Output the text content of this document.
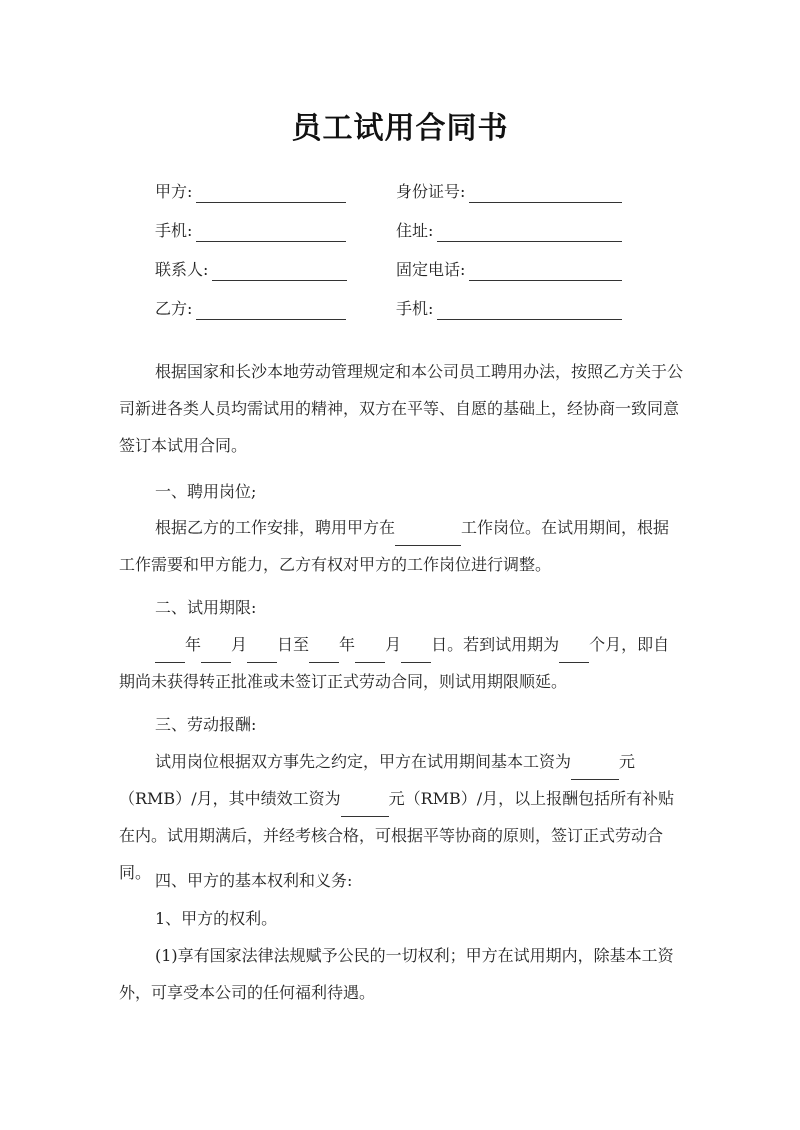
员工试用合同书
甲方:	身份证号:
手机:	住址:
联系人:	固定电话:
乙方:	手机:
根据国家和长沙本地劳动管理规定和本公司员工聘用办法，按照乙方关于公司新进各类人员均需试用的精神，双方在平等、自愿的基础上，经协商一致同意签订本试用合同。
一、聘用岗位;
根据乙方的工作安排，聘用甲方在	工作岗位。在试用期间，根据工作需要和甲方能力，乙方有权对甲方的工作岗位进行调整。
二、试用期限:
年 月 日至 年 月 日。若到试用期为 个月，即自期尚未获得转正批准或未签订正式劳动合同，则试用期限顺延。
三、劳动报酬:
试用岗位根据双方事先之约定，甲方在试用期间基本工资为	元（RMB）/月，其中绩效工资为	元（RMB）/月，以上报酬包括所有补贴在内。试用期满后，并经考核合格，可根据平等协商的原则，签订正式劳动合同。 四、甲方的基本权利和义务:
1、甲方的权利。
(1)享有国家法律法规赋予公民的一切权利；甲方在试用期内，除基本工资外，可享受本公司的任何福利待遇。
